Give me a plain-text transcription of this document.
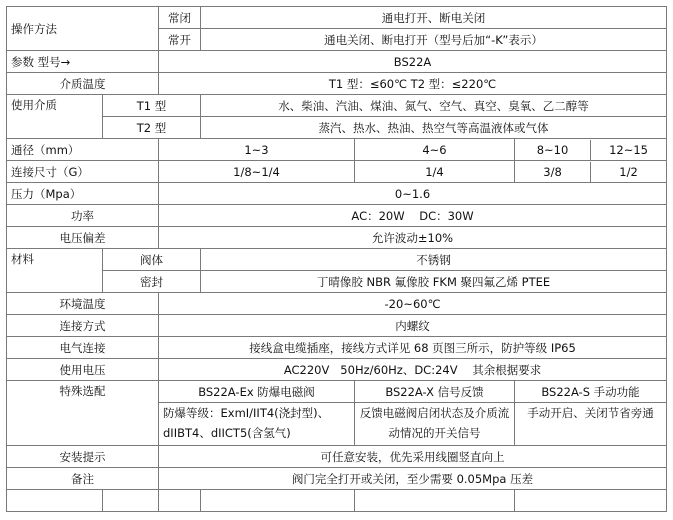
操作方法		常闭	通电打开、断电关闭		
		常开	通电关闭、断电打开（型号后加“-K”表示）		
参数 型号→		BS22A			
介质温度		T1 型：≤60℃ T2 型：≤220℃			
使用介质	T1 型		水、柴油、汽油、煤油、氮气、空气、真空、臭氧、乙二醇等		
	T2 型		蒸汽、热水、热油、热空气等高温液体或气体		
通径（mm）		1~3		4~6	8~10 12~15

连接尺寸（G）		1/8~1/4		1/4	3/8 1/2

压力（Mpa）		0~1.6			
功率		AC：20W    DC：30W			
电压偏差		允许波动±10%			
材料	阀体		不锈钢		
	密封		丁晴像胶 NBR 氟像胶 FKM 聚四氟乙烯 PTEE		
环境温度		-20~60℃			
连接方式		内螺纹			
电气连接		接线盒电缆插座，接线方式详见 68 页图三所示，防护等级 IP65			
使用电压		AC220V   50Hz/60Hz、DC:24V    其余根据要求			
特殊选配		BS22A-Ex 防爆电磁阀		BS22A-X 信号反馈	BS22A-S 手动功能
		防爆等级：ExmI/IIT4(浇封型)、dIIBT4、dIICT5(含氢气)		反馈电磁阀启闭状态及介质流动情况的开关信号	手动开启、关闭节省旁通
安装提示		可任意安装，优先采用线圈竖直向上			
备注		阀门完全打开或关闭，至少需要 0.05Mpa 压差			
